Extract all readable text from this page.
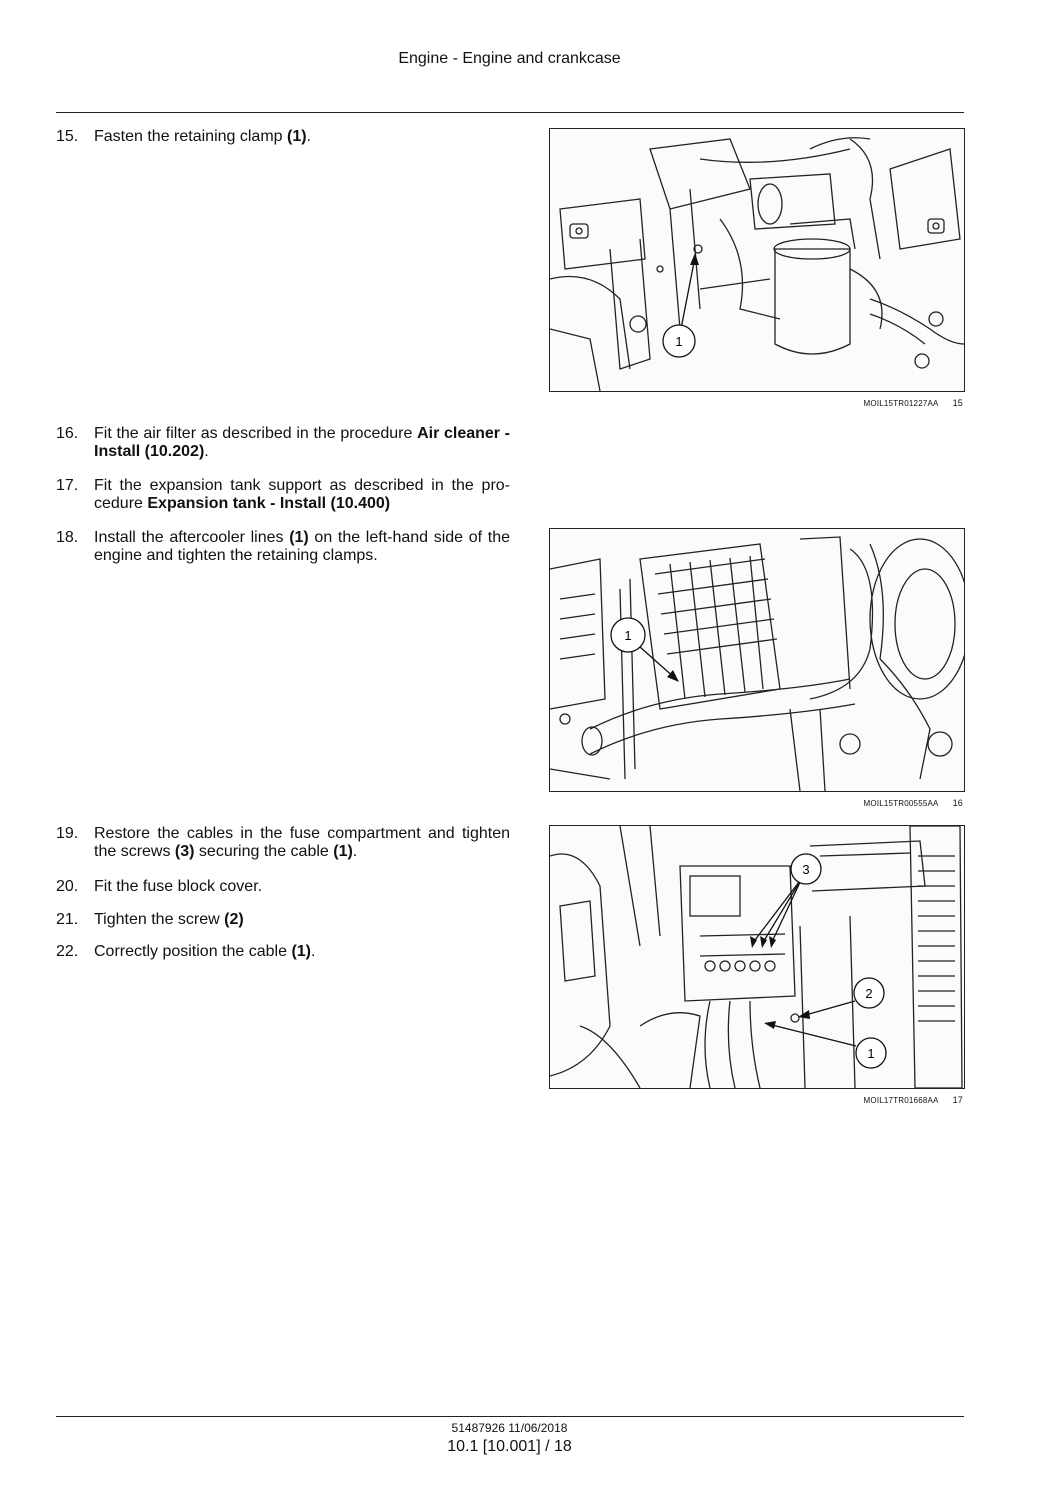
Engine - Engine and crankcase
15. Fasten the retaining clamp (1).
16. Fit the air filter as described in the procedure Air cleaner - Install (10.202).
17. Fit the expansion tank support as described in the pro-cedure Expansion tank - Install (10.400)
18. Install the aftercooler lines (1) on the left-hand side of the engine and tighten the retaining clamps.
19. Restore the cables in the fuse compartment and tighten the screws (3) securing the cable (1).
20. Fit the fuse block cover.
21. Tighten the screw (2)
22. Correctly position the cable (1).
1
MOIL15TR01227AA 15
1
MOIL15TR00555AA 16
3
2
1
MOIL17TR01668AA 17
51487926 11/06/2018
10.1 [10.001] / 18
